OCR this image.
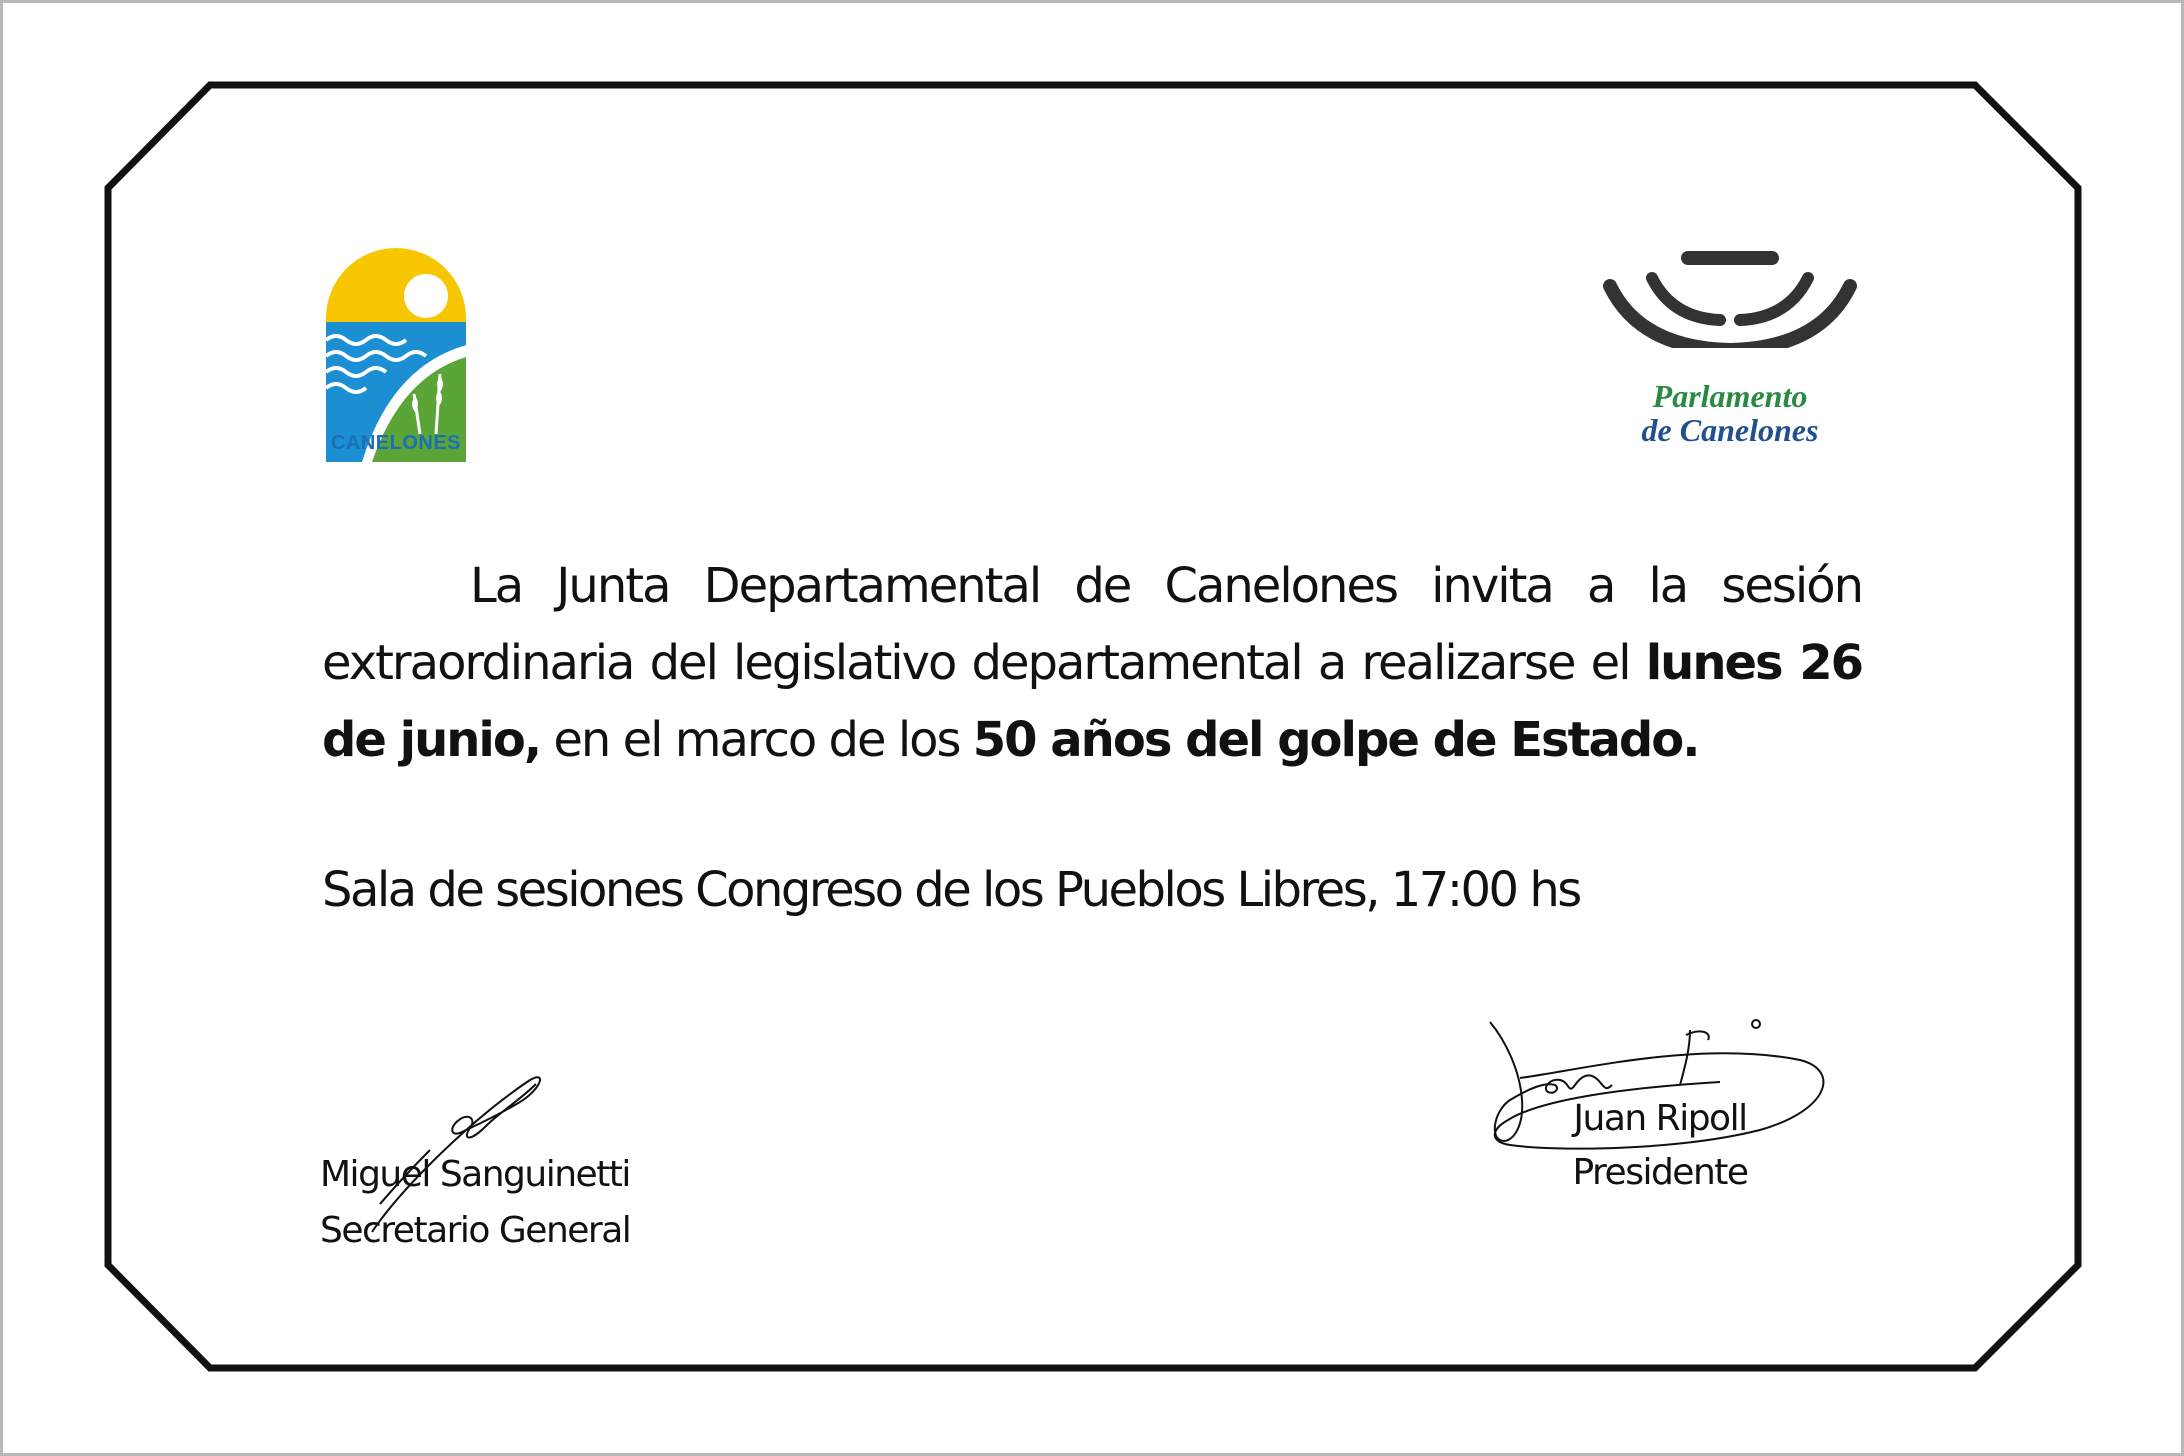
CANELONES
Parlamento
de Canelones

La Junta Departamental de Canelones invita a la sesión extraordinaria del legislativo departamental a realizarse el lunes 26 de junio, en el marco de los 50 años del golpe de Estado.

Sala de sesiones Congreso de los Pueblos Libres, 17:00 hs
Miguel Sanguinetti
Secretario General
Juan Ripoll
Presidente
